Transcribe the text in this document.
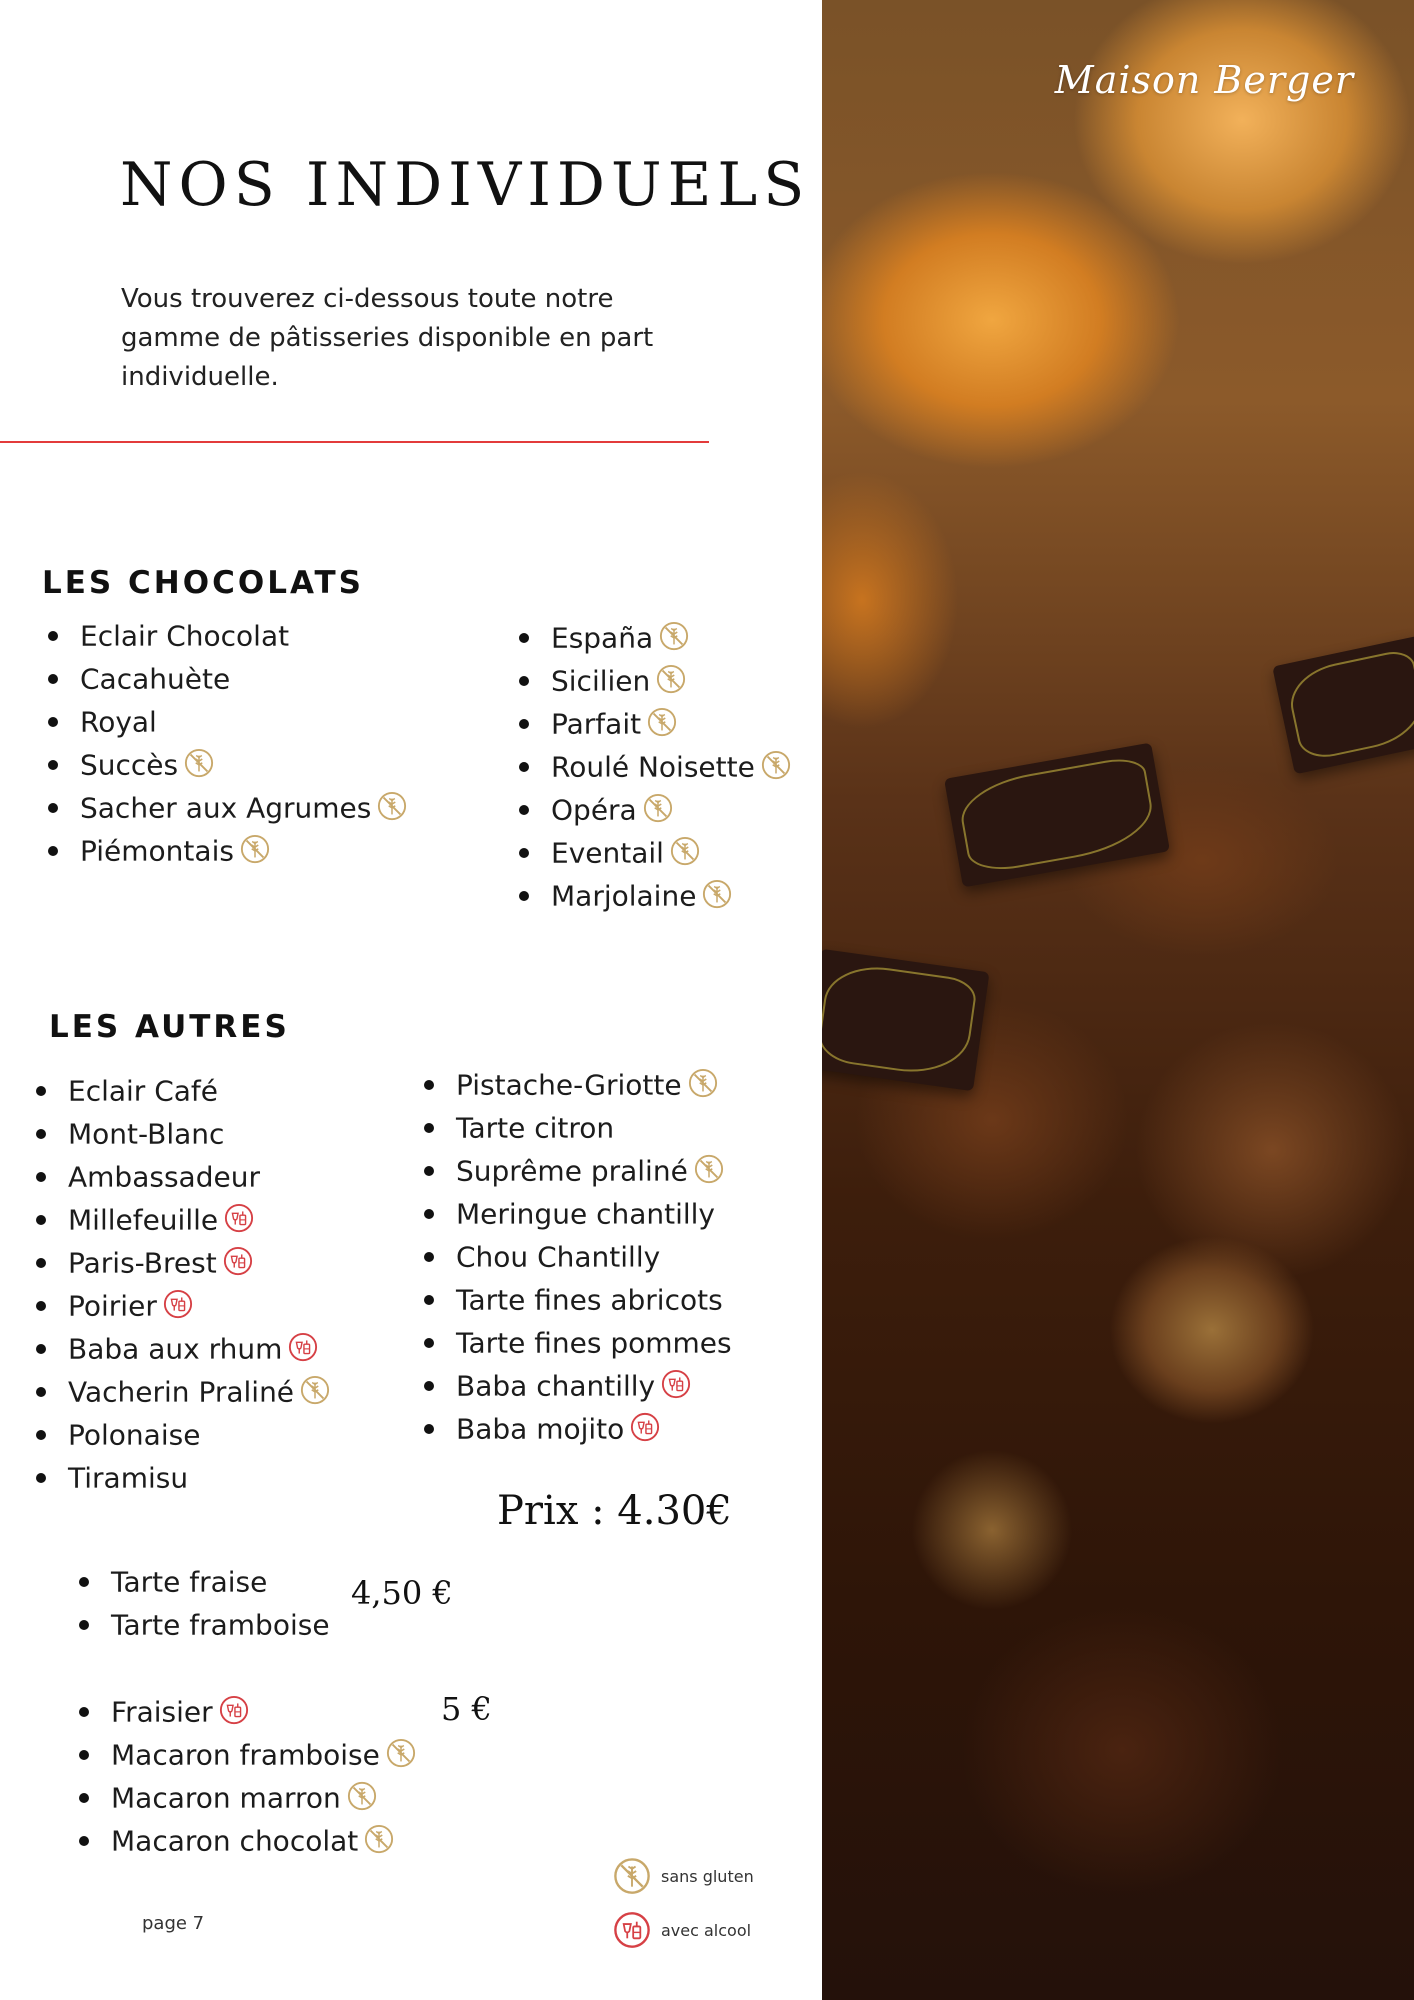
Maison Berger
NOS INDIVIDUELS

Vous trouverez ci-dessous toute notre gamme de pâtisseries disponible en part individuelle.

LES CHOCOLATS
Eclair Chocolat
Cacahuète
Royal
Succès
Sacher aux Agrumes
Piémontais
España
Sicilien
Parfait
Roulé Noisette
Opéra
Eventail
Marjolaine
LES AUTRES
Eclair Café
Mont-Blanc
Ambassadeur
Millefeuille
Paris-Brest
Poirier
Baba aux rhum
Vacherin Praliné
Polonaise
Tiramisu
Pistache-Griotte
Tarte citron
Suprême praliné
Meringue chantilly
Chou Chantilly
Tarte fines abricots
Tarte fines pommes
Baba chantilly
Baba mojito
Prix : 4.30€
Tarte fraise
Tarte framboise
4,50 €
Fraisier
Macaron framboise
Macaron marron
Macaron chocolat
5 €
sans gluten
avec alcool
page 7
